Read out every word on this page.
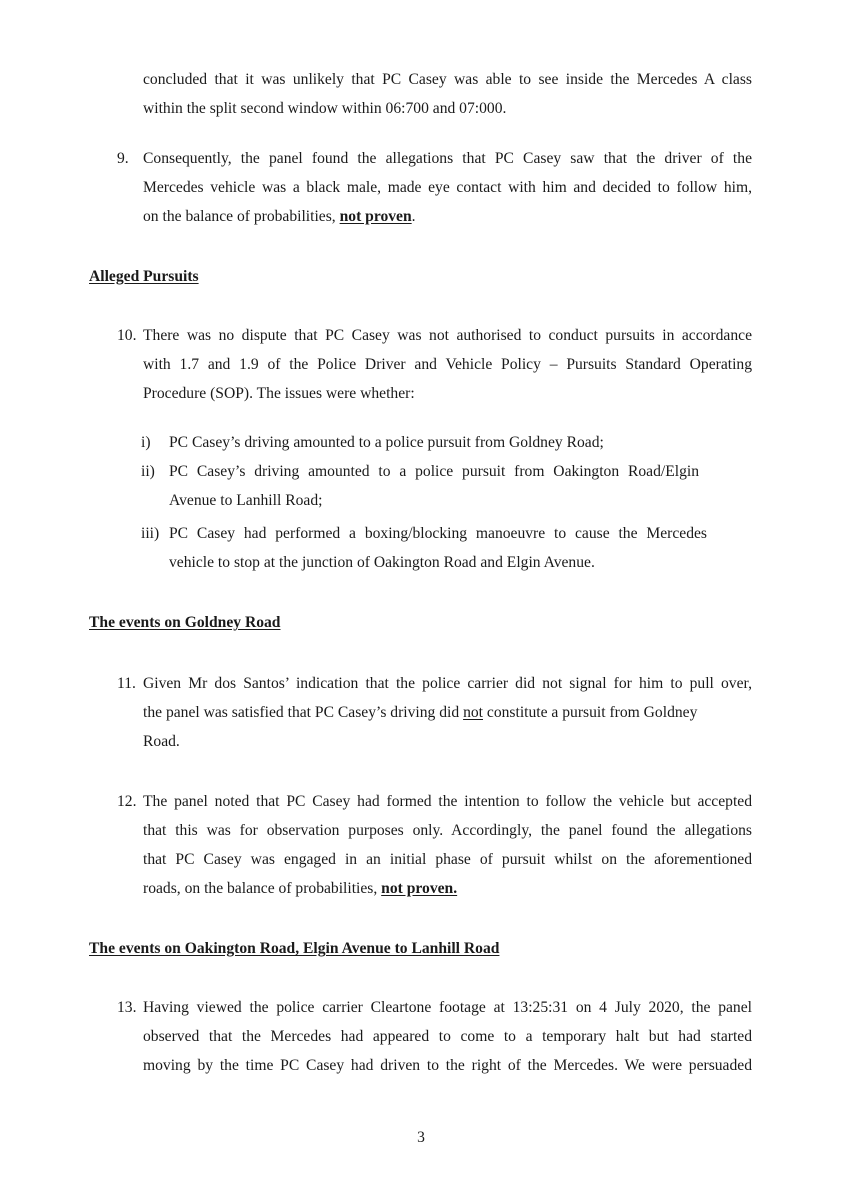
concluded that it was unlikely that PC Casey was able to see inside the Mercedes A class
within the split second window within 06:700 and 07:000.
9. Consequently, the panel found the allegations that PC Casey saw that the driver of the
Mercedes vehicle was a black male, made eye contact with him and decided to follow him,
on the balance of probabilities, not proven.
Alleged Pursuits
10. There was no dispute that PC Casey was not authorised to conduct pursuits in accordance
with 1.7 and 1.9 of the Police Driver and Vehicle Policy – Pursuits Standard Operating
Procedure (SOP). The issues were whether:
i) PC Casey’s driving amounted to a police pursuit from Goldney Road;
ii) PC Casey’s driving amounted to a police pursuit from Oakington Road/Elgin
Avenue to Lanhill Road;
iii) PC Casey had performed a boxing/blocking manoeuvre to cause the Mercedes
vehicle to stop at the junction of Oakington Road and Elgin Avenue.
The events on Goldney Road
11. Given Mr dos Santos’ indication that the police carrier did not signal for him to pull over,
the panel was satisfied that PC Casey’s driving did not constitute a pursuit from Goldney
Road.
12. The panel noted that PC Casey had formed the intention to follow the vehicle but accepted
that this was for observation purposes only. Accordingly, the panel found the allegations
that PC Casey was engaged in an initial phase of pursuit whilst on the aforementioned
roads, on the balance of probabilities, not proven.
The events on Oakington Road, Elgin Avenue to Lanhill Road
13. Having viewed the police carrier Cleartone footage at 13:25:31 on 4 July 2020, the panel
observed that the Mercedes had appeared to come to a temporary halt but had started
moving by the time PC Casey had driven to the right of the Mercedes. We were persuaded
3
